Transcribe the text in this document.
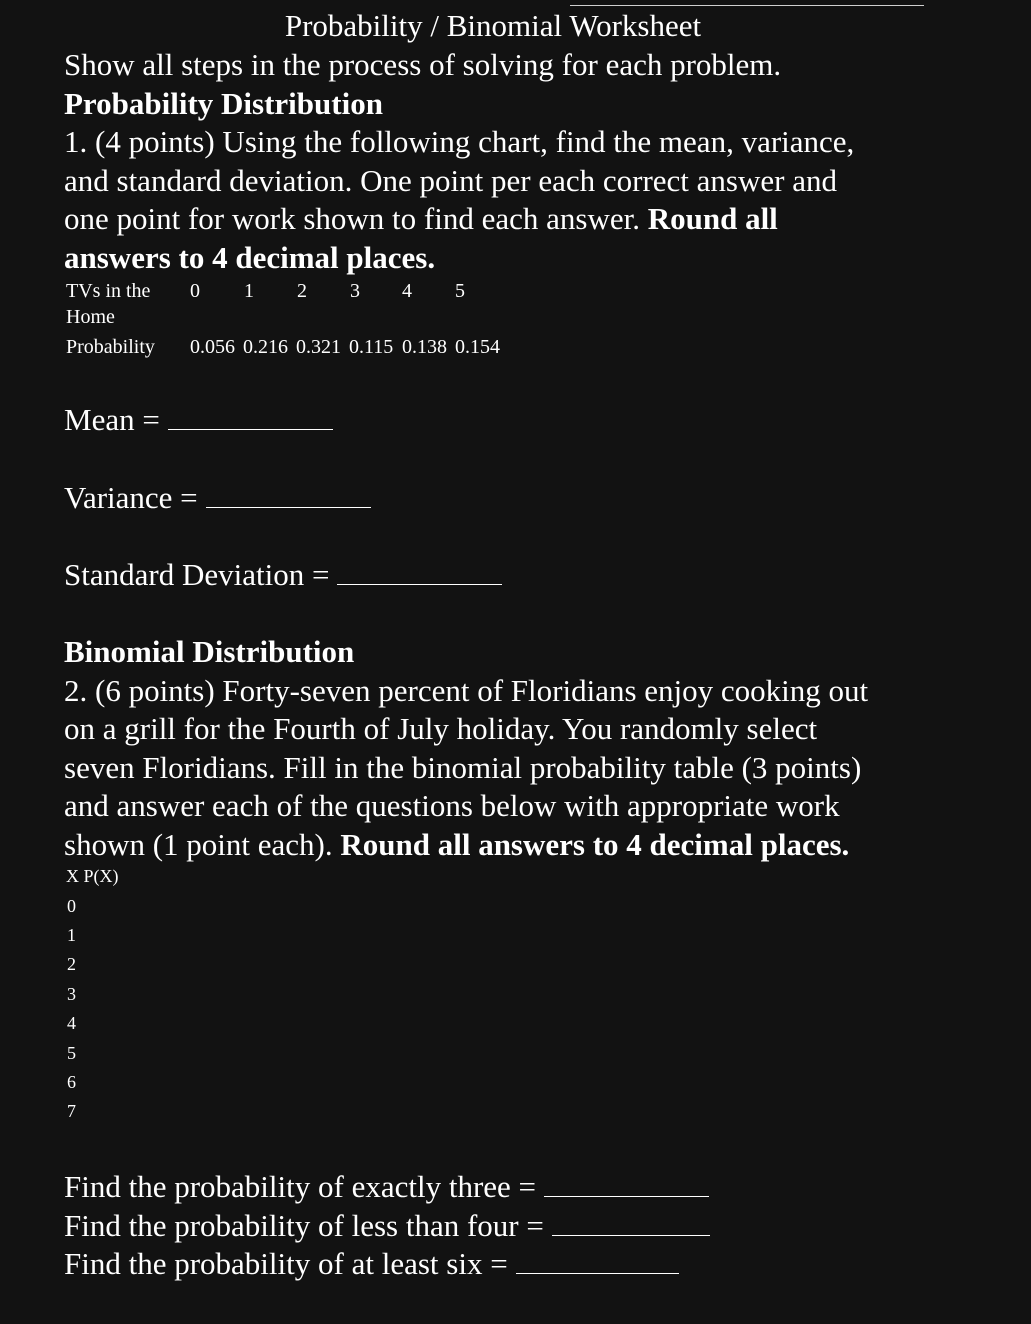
Probability / Binomial Worksheet
Show all steps in the process of solving for each problem.
Probability Distribution
1. (4 points) Using the following chart, find the mean, variance,
and standard deviation. One point per each correct answer and
one point for work shown to find each answer. Round all
answers to 4 decimal places.
TVs in the
Home
0 1 2 3 4 5
Probability 0.056 0.216 0.321 0.115 0.138 0.154
Mean =
Variance =
Standard Deviation =
Binomial Distribution
2. (6 points) Forty-seven percent of Floridians enjoy cooking out
on a grill for the Fourth of July holiday. You randomly select
seven Floridians. Fill in the binomial probability table (3 points)
and answer each of the questions below with appropriate work
shown (1 point each). Round all answers to 4 decimal places.
X P(X)
0
1
2
3
4
5
6
7
Find the probability of exactly three =
Find the probability of less than four =
Find the probability of at least six =
